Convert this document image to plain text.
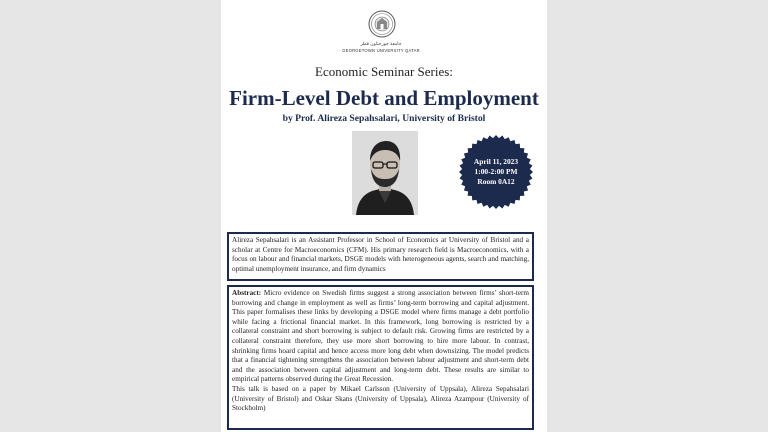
جامعة جورجتاون قطر
GEORGETOWN UNIVERSITY QATAR
Economic Seminar Series:
Firm-Level Debt and Employment
by Prof. Alireza Sepahsalari, University of Bristol
April 11, 2023
1:00-2:00 PM
Room 0A12
Alireza Sepahsalari is an Assistant Professor in School of Economics at University of Bristol and a scholar at Centre for Macroeconomics (CFM). His primary research field is Macroeconomics, with a focus on labour and financial markets, DSGE models with heterogeneous agents, search and matching, optimal unemployment insurance, and firm dynamics

Abstract: Micro evidence on Swedish firms suggest a strong association between firms’ short-term borrowing and change in employment as well as firms’ long-term borrowing and capital adjustment. This paper formalises these links by developing a DSGE model where firms manage a debt portfolio while facing a frictional financial market. In this framework, long borrowing is restricted by a collateral constraint and short borrowing is subject to default risk. Growing firms are restricted by a collateral constraint therefore, they use more short borrowing to hire more labour. In contrast, shrinking firms hoard capital and hence access more long debt when downsizing. The model predicts that a financial tightening strengthens the association between labour adjustment and short-term debt and the association between capital adjustment and long-term debt. These results are similar to empirical patterns observed during the Great Recession.

This talk is based on a paper by Mikael Carlsson (University of Uppsala), Alireza Sepahsalari (University of Bristol) and Oskar Skans (University of Uppsala), Alireza Azampour (University of Stockholm)
